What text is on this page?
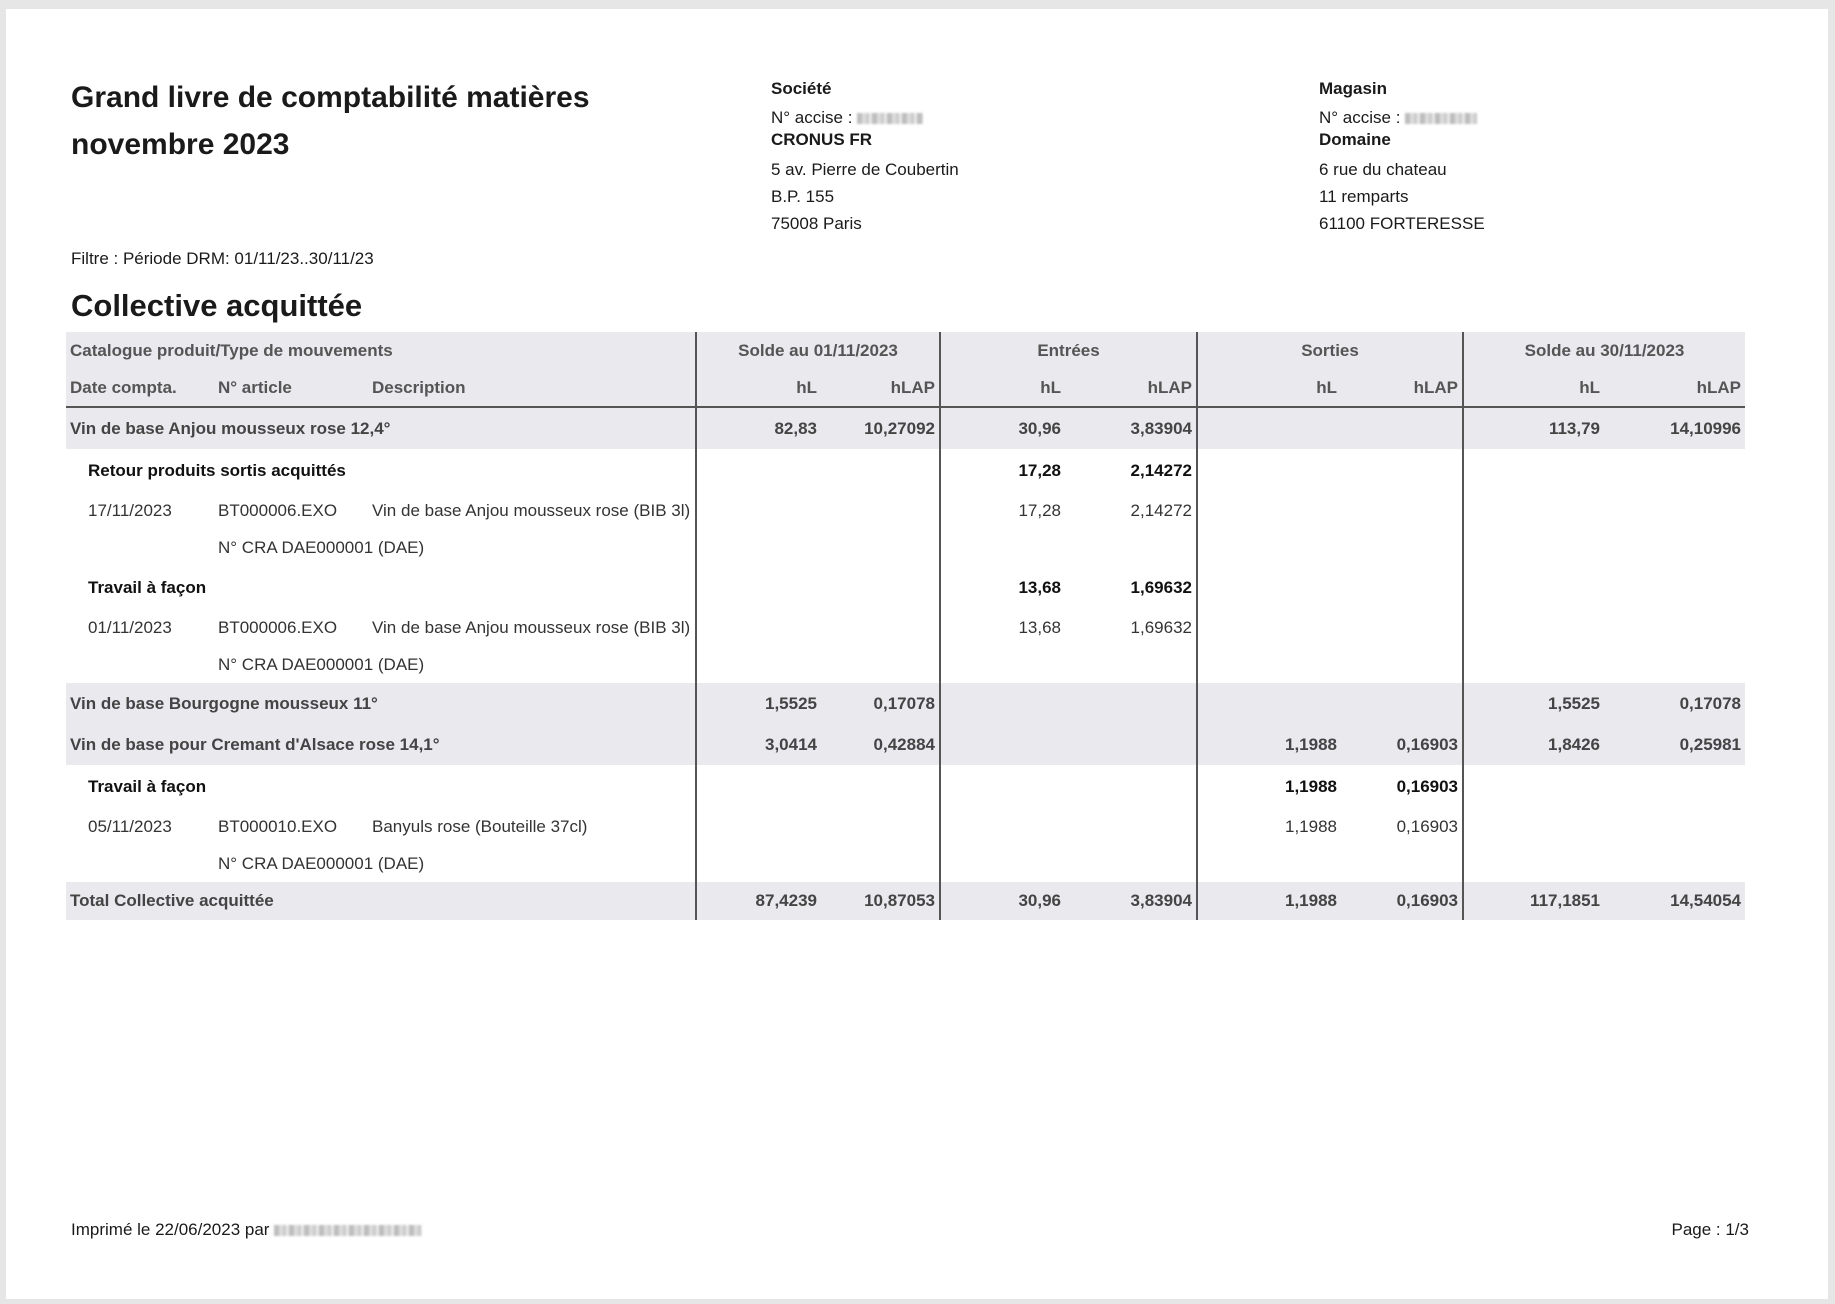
Grand livre de comptabilité matières
novembre 2023
Société
N° accise :
CRONUS FR
5 av. Pierre de Coubertin
B.P. 155
75008 Paris
Magasin
N° accise :
Domaine
6 rue du chateau
11 remparts
61100 FORTERESSE
Filtre : Période DRM: 01/11/23..30/11/23
Collective acquittée
Catalogue produit/Type de mouvements			Solde au 01/11/2023		Entrées		Sorties		Solde au 30/11/2023	
Date compta.	N° article	Description	hL	hLAP	hL	hLAP	hL	hLAP	hL	hLAP
Vin de base Anjou mousseux rose 12,4°			82,83	10,27092	30,96	3,83904			113,79	14,10996
Retour produits sortis acquittés					17,28	2,14272				
17/11/2023	BT000006.EXO	Vin de base Anjou mousseux rose (BIB 3l)			17,28	2,14272				
	N° CRA DAE000001 (DAE)									
Travail à façon					13,68	1,69632				
01/11/2023	BT000006.EXO	Vin de base Anjou mousseux rose (BIB 3l)			13,68	1,69632				
	N° CRA DAE000001 (DAE)									
Vin de base Bourgogne mousseux 11°			1,5525	0,17078					1,5525	0,17078
Vin de base pour Cremant d'Alsace rose 14,1°			3,0414	0,42884			1,1988	0,16903	1,8426	0,25981
Travail à façon							1,1988	0,16903		
05/11/2023	BT000010.EXO	Banyuls rose (Bouteille 37cl)					1,1988	0,16903		
	N° CRA DAE000001 (DAE)									
Total Collective acquittée			87,4239	10,87053	30,96	3,83904	1,1988	0,16903	117,1851	14,54054
Imprimé le 22/06/2023 par	Page : 1/3
